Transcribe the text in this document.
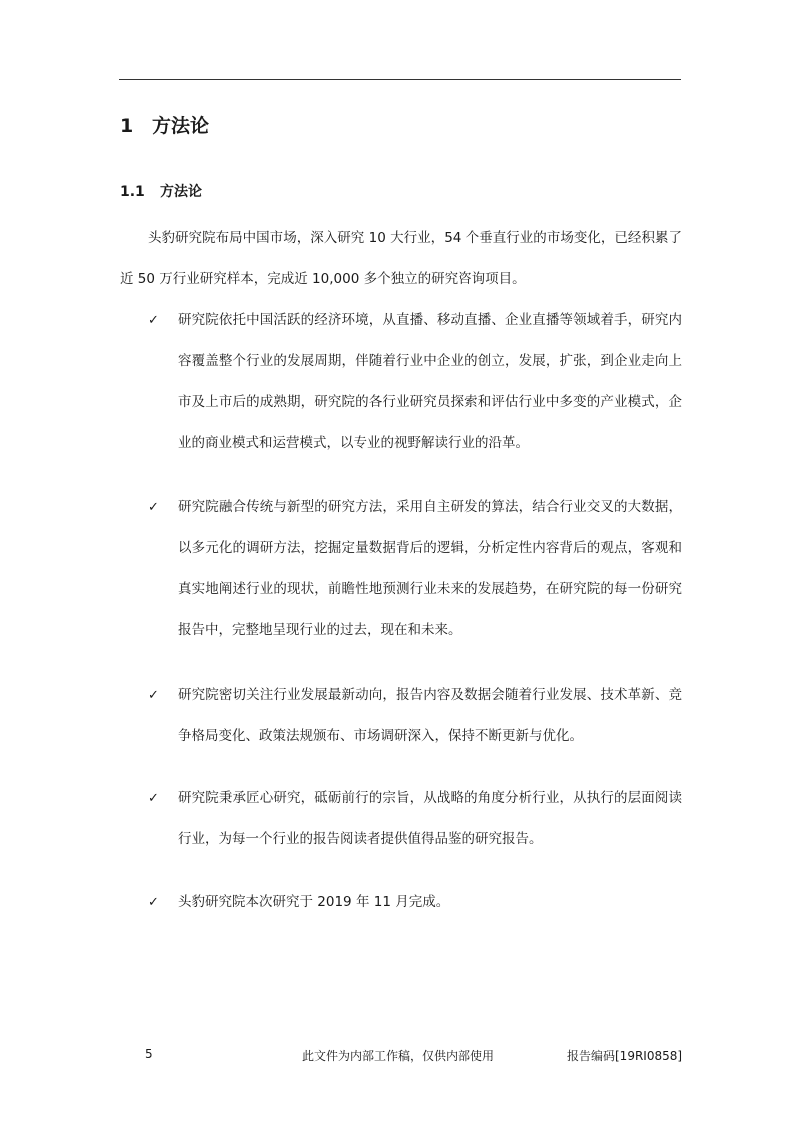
1 方法论
1.1 方法论

头豹研究院布局中国市场，深入研究 10 大行业，54 个垂直行业的市场变化，已经积累了近 50 万行业研究样本，完成近 10,000 多个独立的研究咨询项目。

✓ 研究院依托中国活跃的经济环境，从直播、移动直播、企业直播等领域着手，研究内容覆盖整个行业的发展周期，伴随着行业中企业的创立，发展，扩张，到企业走向上市及上市后的成熟期，研究院的各行业研究员探索和评估行业中多变的产业模式，企业的商业模式和运营模式，以专业的视野解读行业的沿革。

✓ 研究院融合传统与新型的研究方法，采用自主研发的算法，结合行业交叉的大数据，以多元化的调研方法，挖掘定量数据背后的逻辑，分析定性内容背后的观点，客观和真实地阐述行业的现状，前瞻性地预测行业未来的发展趋势，在研究院的每一份研究报告中，完整地呈现行业的过去，现在和未来。

✓ 研究院密切关注行业发展最新动向，报告内容及数据会随着行业发展、技术革新、竞争格局变化、政策法规颁布、市场调研深入，保持不断更新与优化。

✓ 研究院秉承匠心研究，砥砺前行的宗旨，从战略的角度分析行业，从执行的层面阅读行业，为每一个行业的报告阅读者提供值得品鉴的研究报告。

✓ 头豹研究院本次研究于 2019 年 11 月完成。

5	此文件为内部工作稿，仅供内部使用	报告编码[19RI0858]
